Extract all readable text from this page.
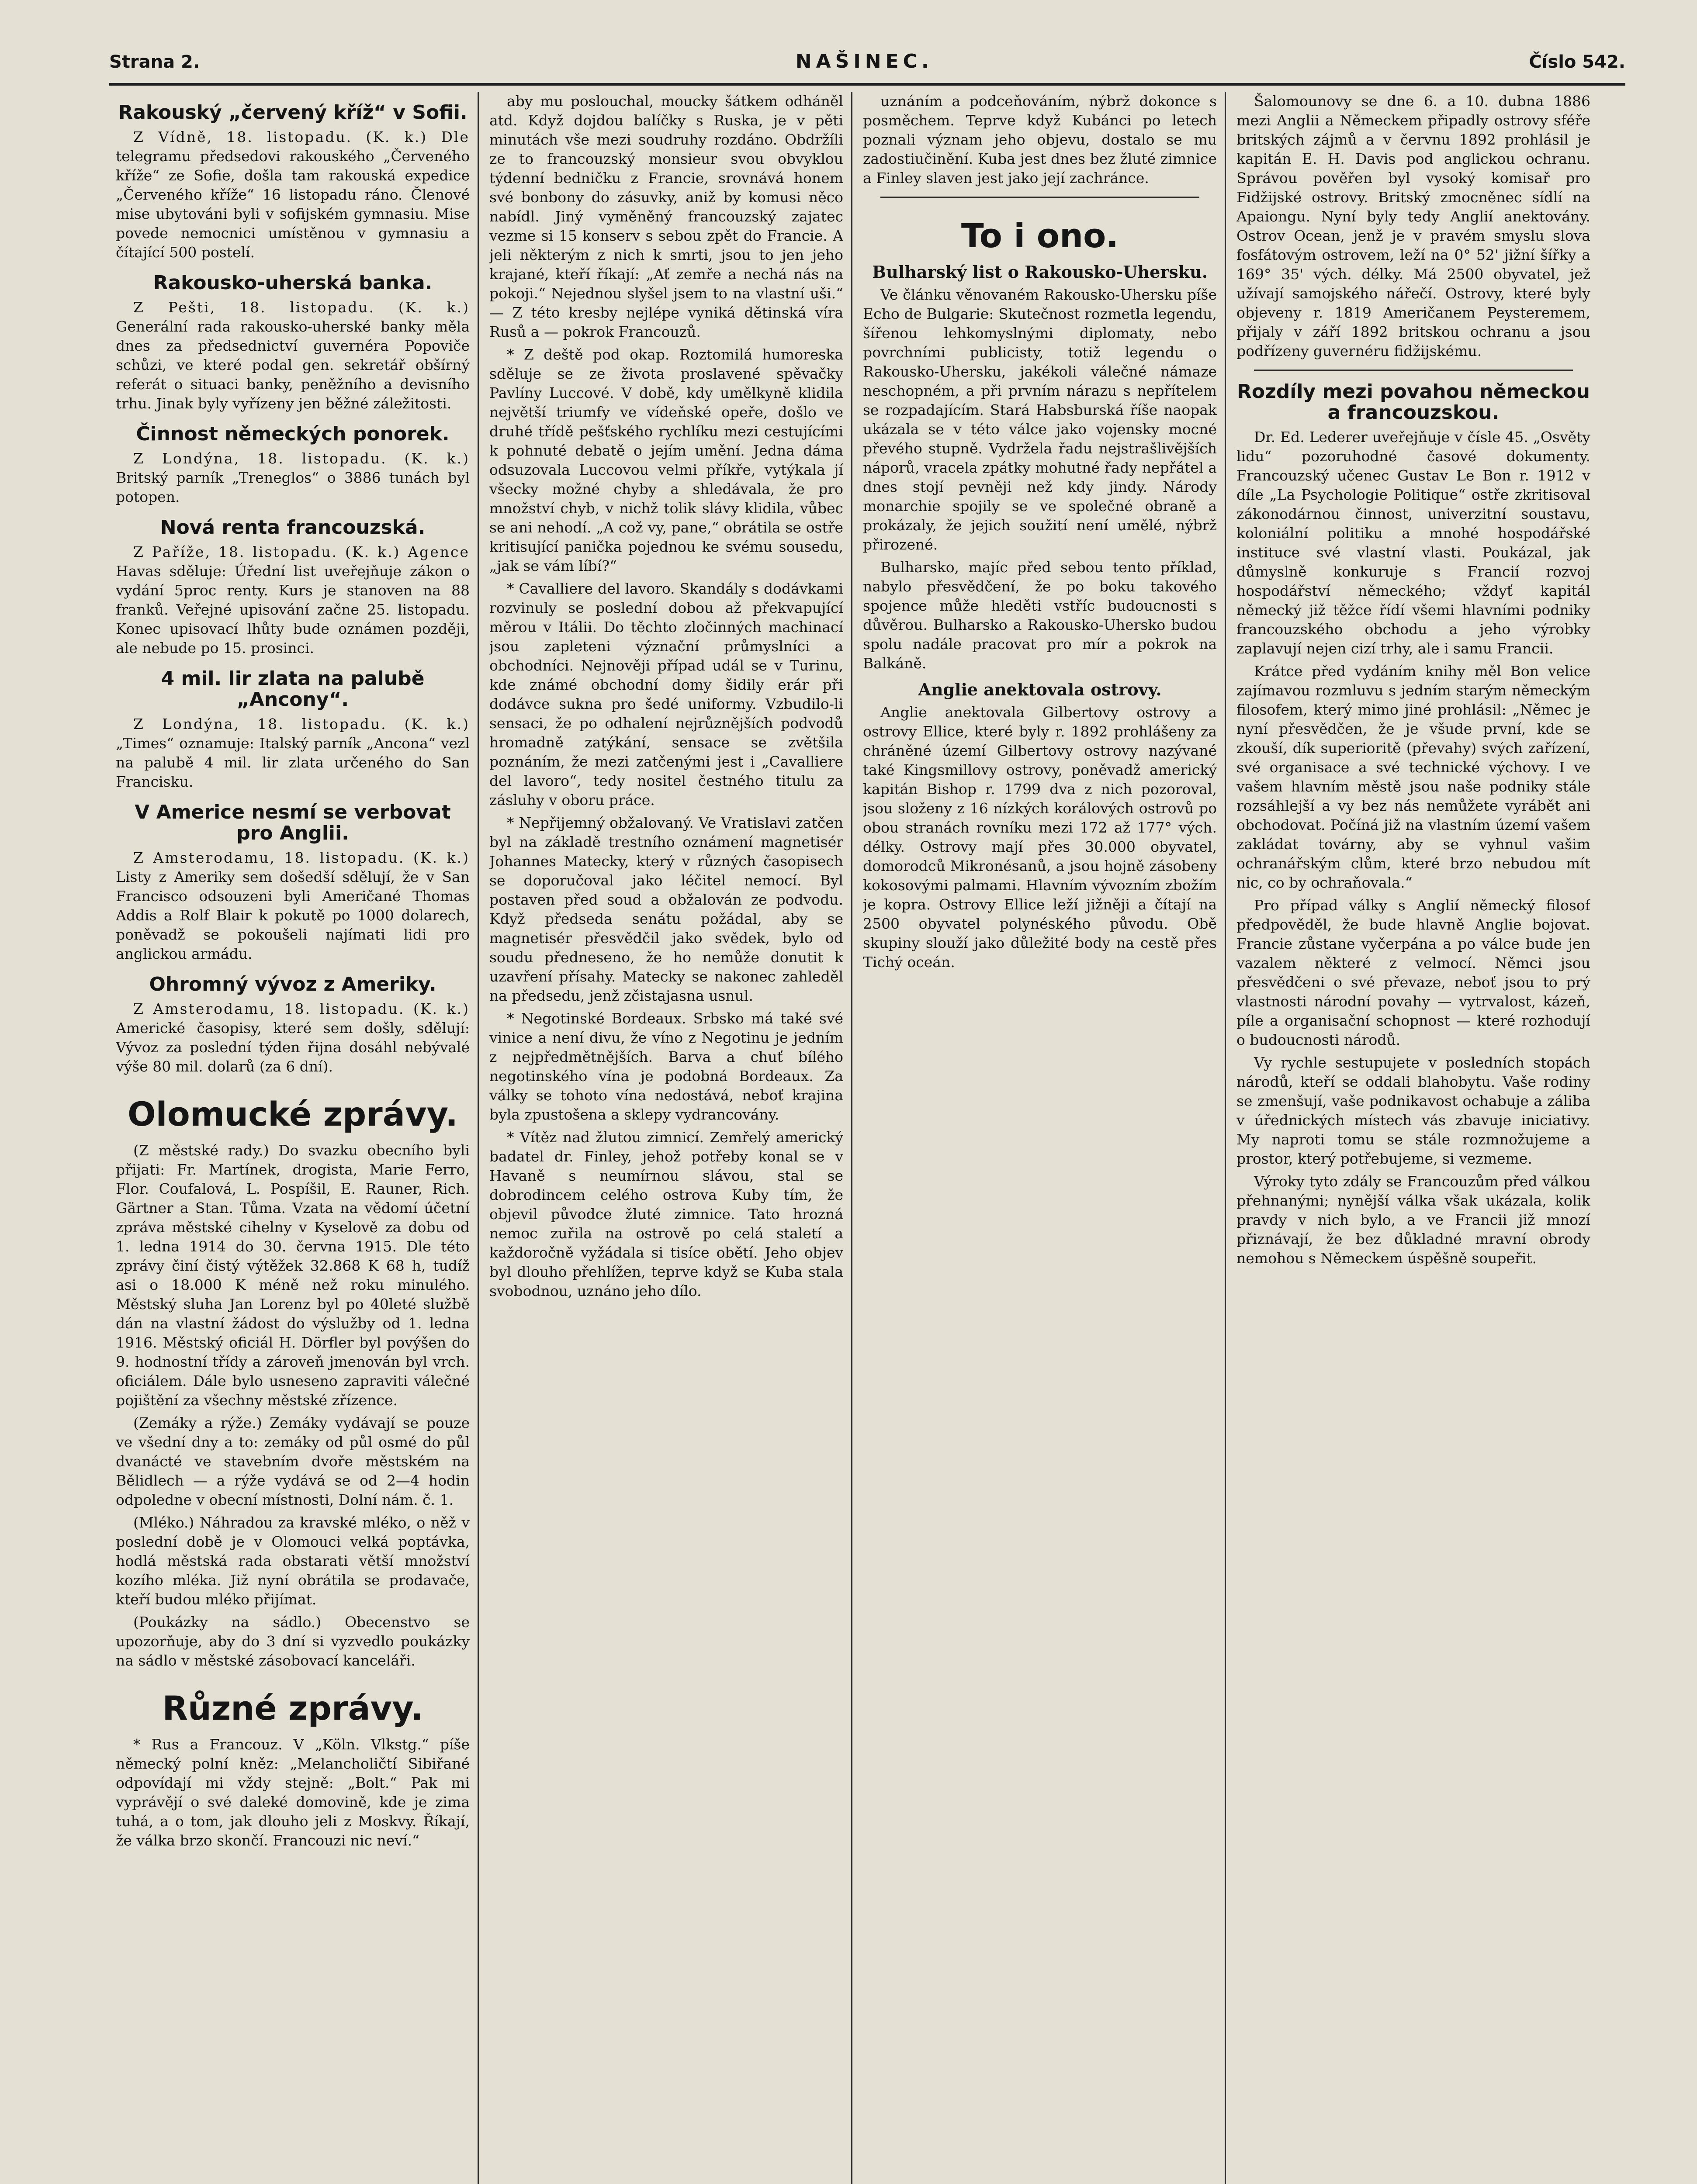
Strana 2.	NAŠINEC.	Číslo 542.
Rakouský „červený kříž“ v Sofii.

Z Vídně, 18. listopadu. (K. k.) Dle telegramu předsedovi rakouského „Červeného kříže“ ze Sofie, došla tam rakouská expedice „Červeného kříže“ 16 listopadu ráno. Členové mise ubytováni byli v sofijském gymnasiu. Mise povede nemocnici umístěnou v gymnasiu a čítající 500 postelí.

Rakousko-uherská banka.

Z Pešti, 18. listopadu. (K. k.) Generální rada rakousko-uherské banky měla dnes za předsednictví guvernéra Popoviče schůzi, ve které podal gen. sekretář obšírný referát o situaci banky, peněžního a devisního trhu. Jinak byly vyřízeny jen běžné záležitosti.

Činnost německých ponorek.

Z Londýna, 18. listopadu. (K. k.) Britský parník „Treneglos“ o 3886 tunách byl potopen.

Nová renta francouzská.

Z Paříže, 18. listopadu. (K. k.) Agence Havas sděluje: Úřední list uveřejňuje zákon o vydání 5proc renty. Kurs je stanoven na 88 franků. Veřejné upisování začne 25. listopadu. Konec upisovací lhůty bude oznámen později, ale nebude po 15. prosinci.

4 mil. lir zlata na palubě „Ancony“.

Z Londýna, 18. listopadu. (K. k.) „Times“ oznamuje: Italský parník „Ancona“ vezl na palubě 4 mil. lir zlata určeného do San Francisku.

V Americe nesmí se verbovat pro Anglii.

Z Amsterodamu, 18. listopadu. (K. k.) Listy z Ameriky sem došedší sdělují, že v San Francisco odsouzeni byli Američané Thomas Addis a Rolf Blair k pokutě po 1000 dolarech, poněvadž se pokoušeli najímati lidi pro anglickou armádu.

Ohromný vývoz z Ameriky.

Z Amsterodamu, 18. listopadu. (K. k.) Americké časopisy, které sem došly, sdělují: Vývoz za poslední týden řijna dosáhl nebývalé výše 80 mil. dolarů (za 6 dní).

Olomucké zprávy.

(Z městské rady.) Do svazku obecního byli přijati: Fr. Martínek, drogista, Marie Ferro, Flor. Coufalová, L. Pospíšil, E. Rauner, Rich. Gärtner a Stan. Tůma. Vzata na vědomí účetní zpráva městské cihelny v Kyselově za dobu od 1. ledna 1914 do 30. června 1915. Dle této zprávy činí čistý výtěžek 32.868 K 68 h, tudíž asi o 18.000 K méně než roku minulého. Městský sluha Jan Lorenz byl po 40leté službě dán na vlastní žádost do výslužby od 1. ledna 1916. Městský oficiál H. Dörfler byl povýšen do 9. hodnostní třídy a zároveň jmenován byl vrch. oficiálem. Dále bylo usneseno zapraviti válečné pojištění za všechny městské zřízence.

(Zemáky a rýže.) Zemáky vydávají se pouze ve všední dny a to: zemáky od půl osmé do půl dvanácté ve stavebním dvoře městském na Bělidlech — a rýže vydává se od 2—4 hodin odpoledne v obecní místnosti, Dolní nám. č. 1.

(Mléko.) Náhradou za kravské mléko, o něž v poslední době je v Olomouci velká poptávka, hodlá městská rada obstarati větší množství kozího mléka. Již nyní obrátila se prodavače, kteří budou mléko přijímat.

(Poukázky na sádlo.) Obecenstvo se upozorňuje, aby do 3 dní si vyzvedlo poukázky na sádlo v městské zásobovací kanceláři.

Různé zprávy.

* Rus a Francouz. V „Köln. Vlkstg.“ píše německý polní kněz: „Melancholičtí Sibiřané odpovídají mi vždy stejně: „Bolt.“ Pak mi vyprávějí o své daleké domovině, kde je zima tuhá, a o tom, jak dlouho jeli z Moskvy. Říkají, že válka brzo skončí. Francouzi nic neví.“

aby mu poslouchal, moucky šátkem odháněl atd. Když dojdou balíčky s Ruska, je v pěti minutách vše mezi soudruhy rozdáno. Obdržíli ze to francouzský monsieur svou obvyklou týdenní bedničku z Francie, srovnává honem své bonbony do zásuvky, aniž by komusi něco nabídl. Jiný vyměněný francouzský zajatec vezme si 15 konserv s sebou zpět do Francie. A jeli některým z nich k smrti, jsou to jen jeho krajané, kteří říkají: „Ať zemře a nechá nás na pokoji.“ Nejednou slyšel jsem to na vlastní uši.“ — Z této kresby nejlépe vyniká dětinská víra Rusů a — pokrok Francouzů.

* Z deště pod okap. Roztomilá humoreska sděluje se ze života proslavené spěvačky Pavlíny Luccové. V době, kdy umělkyně klidila největší triumfy ve vídeňské opeře, došlo ve druhé třídě pešťského rychlíku mezi cestujícími k pohnuté debatě o jejím umění. Jedna dáma odsuzovala Luccovou velmi příkře, vytýkala jí všecky možné chyby a shledávala, že pro množství chyb, v nichž tolik slávy klidila, vůbec se ani nehodí. „A což vy, pane,“ obrátila se ostře kritisující panička pojednou ke svému sousedu, „jak se vám líbí?“

* Cavalliere del lavoro. Skandály s dodávkami rozvinuly se poslední dobou až překvapující měrou v Itálii. Do těchto zločinných machinací jsou zapleteni význační průmyslníci a obchodníci. Nejnověji případ udál se v Turinu, kde známé obchodní domy šidily erár při dodávce sukna pro šedé uniformy. Vzbudilo-li sensaci, že po odhalení nejrůznějších podvodů hromadně zatýkání, sensace se zvětšila poznáním, že mezi zatčenými jest i „Cavalliere del lavoro“, tedy nositel čestného titulu za zásluhy v oboru práce.

* Nepřijemný obžalovaný. Ve Vratislavi zatčen byl na základě trestního oznámení magnetisér Johannes Matecky, který v různých časopisech se doporučoval jako léčitel nemocí. Byl postaven před soud a obžalován ze podvodu. Když předseda senátu požádal, aby se magnetisér přesvědčil jako svědek, bylo od soudu předneseno, že ho nemůže donutit k uzavření přísahy. Matecky se nakonec zahleděl na předsedu, jenž zčistajasna usnul.

* Negotinské Bordeaux. Srbsko má také své vinice a není divu, že víno z Negotinu je jedním z nejpředmětnějších. Barva a chuť bílého negotinského vína je podobná Bordeaux. Za války se tohoto vína nedostává, neboť krajina byla zpustošena a sklepy vydrancovány.

* Vítěz nad žlutou zimnicí. Zemřelý americký badatel dr. Finley, jehož potřeby konal se v Havaně s neumírnou slávou, stal se dobrodincem celého ostrova Kuby tím, že objevil původce žluté zimnice. Tato hrozná nemoc zuřila na ostrově po celá staletí a každoročně vyžádala si tisíce obětí. Jeho objev byl dlouho přehlížen, teprve když se Kuba stala svobodnou, uznáno jeho dílo.

uznáním a podceňováním, nýbrž dokonce s posměchem. Teprve když Kubánci po letech poznali význam jeho objevu, dostalo se mu zadostiučinění. Kuba jest dnes bez žluté zimnice a Finley slaven jest jako její zachránce.

To i ono.
Bulharský list o Rakousko-Uhersku.

Ve článku věnovaném Rakousko-Uhersku píše Echo de Bulgarie: Skutečnost rozmetla legendu, šířenou lehkomyslnými diplomaty, nebo povrchními publicisty, totiž legendu o Rakousko-Uhersku, jakékoli válečné námaze neschopném, a při prvním nárazu s nepřítelem se rozpadajícím. Stará Habsburská říše naopak ukázala se v této válce jako vojensky mocné převého stupně. Vydržela řadu nejstrašlivějších náporů, vracela zpátky mohutné řady nepřátel a dnes stojí pevněji než kdy jindy. Národy monarchie spojily se ve společné obraně a prokázaly, že jejich soužití není umělé, nýbrž přirozené.

Bulharsko, majíc před sebou tento příklad, nabylo přesvědčení, že po boku takového spojence může hleděti vstříc budoucnosti s důvěrou. Bulharsko a Rakousko-Uhersko budou spolu nadále pracovat pro mír a pokrok na Balkáně.

Anglie anektovala ostrovy.

Anglie anektovala Gilbertovy ostrovy a ostrovy Ellice, které byly r. 1892 prohlášeny za chráněné území Gilbertovy ostrovy nazývané také Kingsmillovy ostrovy, poněvadž americký kapitán Bishop r. 1799 dva z nich pozoroval, jsou složeny z 16 nízkých korálových ostrovů po obou stranách rovníku mezi 172 až 177° vých. délky. Ostrovy mají přes 30.000 obyvatel, domorodců Mikronésanů, a jsou hojně zásobeny kokosovými palmami. Hlavním vývozním zbožím je kopra. Ostrovy Ellice leží jižněji a čítají na 2500 obyvatel polynéského původu. Obě skupiny slouží jako důležité body na cestě přes Tichý oceán.

Šalomounovy se dne 6. a 10. dubna 1886 mezi Anglii a Německem připadly ostrovy sféře britských zájmů a v červnu 1892 prohlásil je kapitán E. H. Davis pod anglickou ochranu. Správou pověřen byl vysoký komisař pro Fidžijské ostrovy. Britský zmocněnec sídlí na Apaiongu. Nyní byly tedy Anglií anektovány. Ostrov Ocean, jenž je v pravém smyslu slova fosfátovým ostrovem, leží na 0° 52' jižní šířky a 169° 35' vých. délky. Má 2500 obyvatel, jež užívají samojského nářečí. Ostrovy, které byly objeveny r. 1819 Američanem Peysteremem, přijaly v září 1892 britskou ochranu a jsou podřízeny guvernéru fidžijskému.

Rozdíly mezi povahou německou a francouzskou.

Dr. Ed. Lederer uveřejňuje v čísle 45. „Osvěty lidu“ pozoruhodné časové dokumenty. Francouzský učenec Gustav Le Bon r. 1912 v díle „La Psychologie Politique“ ostře zkritisoval zákonodárnou činnost, univerzitní soustavu, koloniální politiku a mnohé hospodářské instituce své vlastní vlasti. Poukázal, jak důmyslně konkuruje s Francií rozvoj hospodářství německého; vždyť kapitál německý již těžce řídí všemi hlavními podniky francouzského obchodu a jeho výrobky zaplavují nejen cizí trhy, ale i samu Francii.

Krátce před vydáním knihy měl Bon velice zajímavou rozmluvu s jedním starým německým filosofem, který mimo jiné prohlásil: „Němec je nyní přesvědčen, že je všude první, kde se zkouší, dík superioritě (převahy) svých zařízení, své organisace a své technické výchovy. I ve vašem hlavním městě jsou naše podniky stále rozsáhlejší a vy bez nás nemůžete vyrábět ani obchodovat. Počíná již na vlastním území vašem zakládat továrny, aby se vyhnul vašim ochranářským clům, které brzo nebudou mít nic, co by ochraňovala.“

Pro případ války s Anglií německý filosof předpověděl, že bude hlavně Anglie bojovat. Francie zůstane vyčerpána a po válce bude jen vazalem některé z velmocí. Němci jsou přesvědčeni o své převaze, neboť jsou to prý vlastnosti národní povahy — vytrvalost, kázeň, píle a organisační schopnost — které rozhodují o budoucnosti národů.

Vy rychle sestupujete v posledních stopách národů, kteří se oddali blahobytu. Vaše rodiny se zmenšují, vaše podnikavost ochabuje a záliba v úřednických místech vás zbavuje iniciativy. My naproti tomu se stále rozmnožujeme a prostor, který potřebujeme, si vezmeme.

Výroky tyto zdály se Francouzům před válkou přehnanými; nynější válka však ukázala, kolik pravdy v nich bylo, a ve Francii již mnozí přiznávají, že bez důkladné mravní obrody nemohou s Německem úspěšně soupeřit.
